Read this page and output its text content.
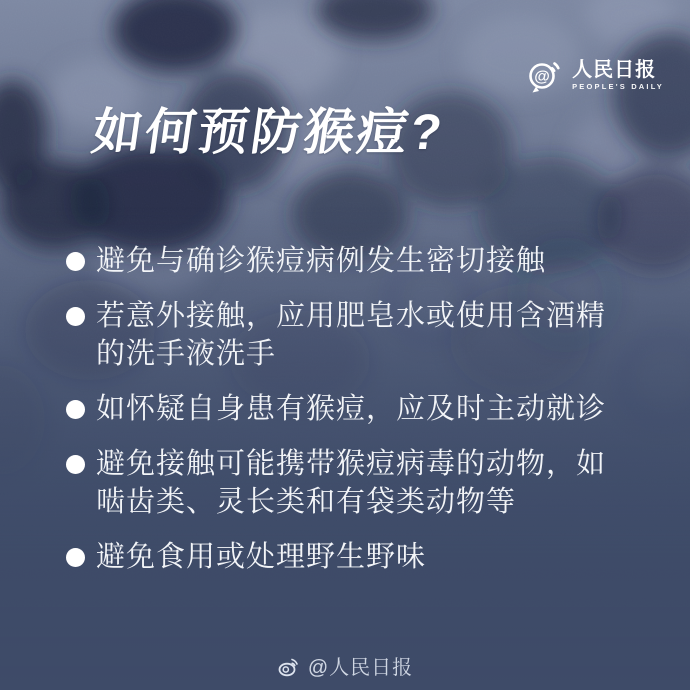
@ 人民日报
PEOPLE'S DAILY
如何预防猴痘?
避免与确诊猴痘病例发生密切接触
若意外接触，应用肥皂水或使用含酒精
的洗手液洗手
如怀疑自身患有猴痘，应及时主动就诊
避免接触可能携带猴痘病毒的动物，如
啮齿类、灵长类和有袋类动物等
避免食用或处理野生野味
@人民日报
